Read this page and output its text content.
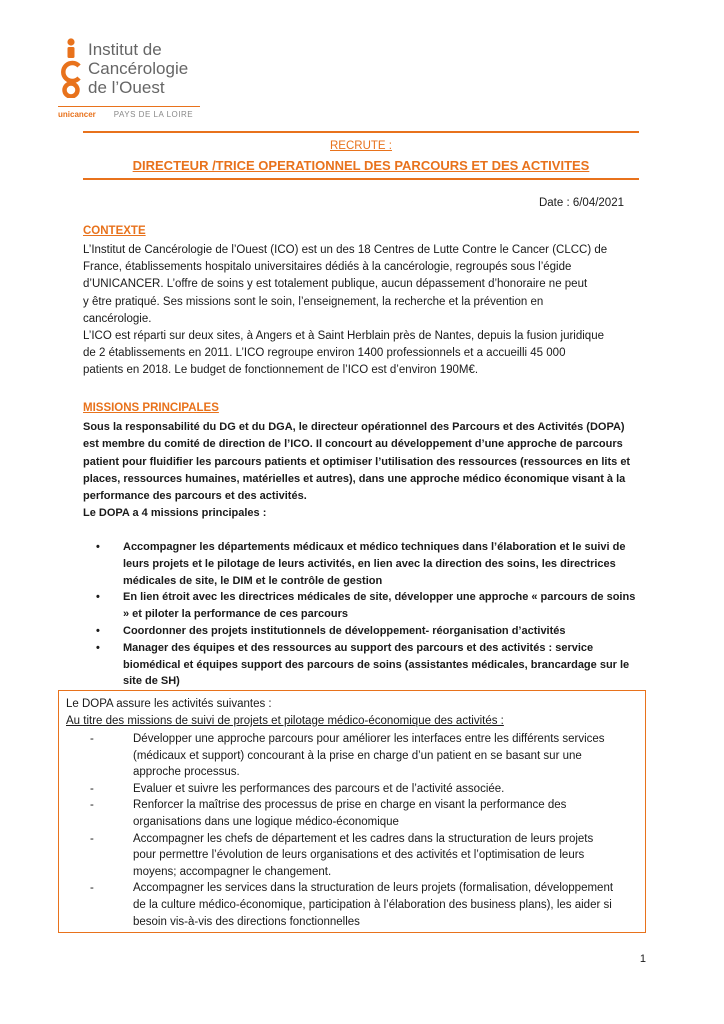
Institut de
Cancérologie
de l’Ouest
unicancer PAYS DE LA LOIRE
RECRUTE :
DIRECTEUR /TRICE OPERATIONNEL DES PARCOURS ET DES ACTIVITES
Date : 6/04/2021
CONTEXTE
L’Institut de Cancérologie de l’Ouest (ICO) est un des 18 Centres de Lutte Contre le Cancer (CLCC) de
France, établissements hospitalo universitaires dédiés à la cancérologie, regroupés sous l’égide
d’UNICANCER. L’offre de soins y est totalement publique, aucun dépassement d’honoraire ne peut
y être pratiqué. Ses missions sont le soin, l’enseignement, la recherche et la prévention en
cancérologie.
L’ICO est réparti sur deux sites, à Angers et à Saint Herblain près de Nantes, depuis la fusion juridique
de 2 établissements en 2011. L’ICO regroupe environ 1400 professionnels et a accueilli 45 000
patients en 2018. Le budget de fonctionnement de l’ICO est d’environ 190M€.
MISSIONS PRINCIPALES
Sous la responsabilité du DG et du DGA, le directeur opérationnel des Parcours et des Activités (DOPA)
est membre du comité de direction de l’ICO. Il concourt au développement d’une approche de parcours
patient pour fluidifier les parcours patients et optimiser l’utilisation des ressources (ressources en lits et
places, ressources humaines, matérielles et autres), dans une approche médico économique visant à la
performance des parcours et des activités.
Le DOPA a 4 missions principales :
• Accompagner les départements médicaux et médico techniques dans l’élaboration et le suivi de
leurs projets et le pilotage de leurs activités, en lien avec la direction des soins, les directrices
médicales de site, le DIM et le contrôle de gestion
• En lien étroit avec les directrices médicales de site, développer une approche « parcours de soins
» et piloter la performance de ces parcours
• Coordonner des projets institutionnels de développement- réorganisation d’activités
• Manager des équipes et des ressources au support des parcours et des activités : service
biomédical et équipes support des parcours de soins (assistantes médicales, brancardage sur le
site de SH)
Le DOPA assure les activités suivantes :
Au titre des missions de suivi de projets et pilotage médico-économique des activités :
-	Développer une approche parcours pour améliorer les interfaces entre les différents services
(médicaux et support) concourant à la prise en charge d’un patient en se basant sur une
approche processus.
-	Evaluer et suivre les performances des parcours et de l’activité associée.
-	Renforcer la maîtrise des processus de prise en charge en visant la performance des
organisations dans une logique médico-économique
-	Accompagner les chefs de département et les cadres dans la structuration de leurs projets
pour permettre l’évolution de leurs organisations et des activités et l’optimisation de leurs
moyens; accompagner le changement.
-	Accompagner les services dans la structuration de leurs projets (formalisation, développement
de la culture médico-économique, participation à l’élaboration des business plans), les aider si
besoin vis-à-vis des directions fonctionnelles
1
